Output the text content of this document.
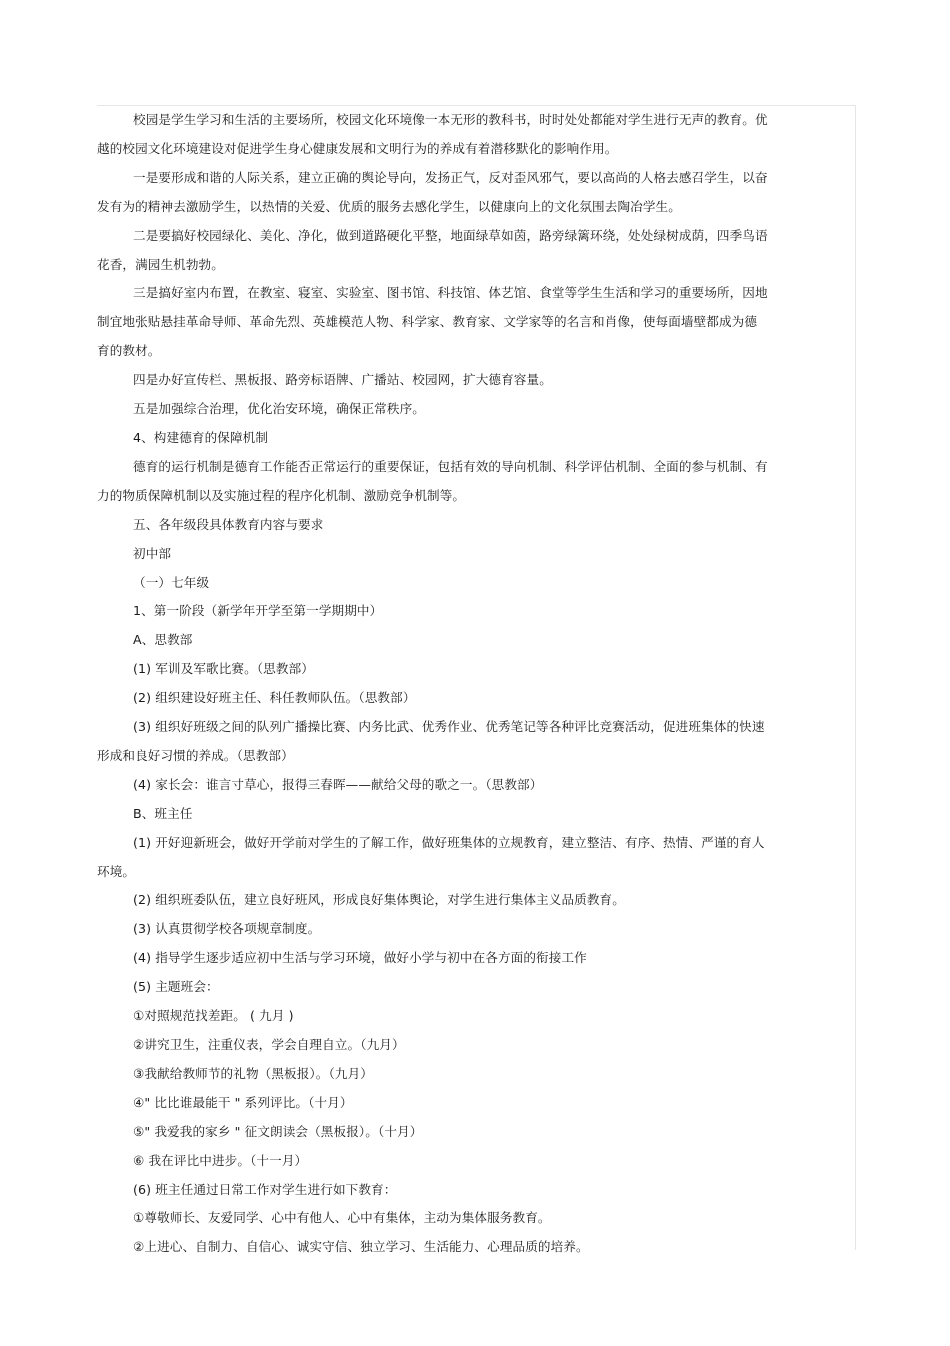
校园是学生学习和生活的主要场所，校园文化环境像一本无形的教科书，时时处处都能对学生进行无声的教育。优
越的校园文化环境建设对促进学生身心健康发展和文明行为的养成有着潜移默化的影响作用。
一是要形成和谐的人际关系，建立正确的舆论导向，发扬正气，反对歪风邪气，要以高尚的人格去感召学生，以奋
发有为的精神去激励学生，以热情的关爱、优质的服务去感化学生，以健康向上的文化氛围去陶冶学生。
二是要搞好校园绿化、美化、净化，做到道路硬化平整，地面绿草如茵，路旁绿篱环绕，处处绿树成荫，四季鸟语
花香，满园生机勃勃。
三是搞好室内布置，在教室、寝室、实验室、图书馆、科技馆、体艺馆、食堂等学生生活和学习的重要场所，因地
制宜地张贴悬挂革命导师、革命先烈、英雄模范人物、科学家、教育家、文学家等的名言和肖像，使每面墙壁都成为德
育的教材。
四是办好宣传栏、黑板报、路旁标语牌、广播站、校园网，扩大德育容量。
五是加强综合治理，优化治安环境，确保正常秩序。
4、构建德育的保障机制
德育的运行机制是德育工作能否正常运行的重要保证，包括有效的导向机制、科学评估机制、全面的参与机制、有
力的物质保障机制以及实施过程的程序化机制、激励竞争机制等。
五、各年级段具体教育内容与要求
初中部
（一）七年级
1、第一阶段（新学年开学至第一学期期中）
A、思教部
(1) 军训及军歌比赛。（思教部）
(2) 组织建设好班主任、科任教师队伍。（思教部）
(3) 组织好班级之间的队列广播操比赛、内务比武、优秀作业、优秀笔记等各种评比竞赛活动，促进班集体的快速
形成和良好习惯的养成。（思教部）
(4) 家长会：谁言寸草心，报得三春晖——献给父母的歌之一。（思教部）
B、班主任
(1) 开好迎新班会，做好开学前对学生的了解工作，做好班集体的立规教育，建立整洁、有序、热情、严谨的育人
环境。
(2) 组织班委队伍，建立良好班风，形成良好集体舆论，对学生进行集体主义品质教育。
(3) 认真贯彻学校各项规章制度。
(4) 指导学生逐步适应初中生活与学习环境，做好小学与初中在各方面的衔接工作
(5) 主题班会：
①对照规范找差距。 ( 九月 )
②讲究卫生，注重仪表，学会自理自立。（九月）
③我献给教师节的礼物（黑板报）。（九月）
④" 比比谁最能干 " 系列评比。（十月）
⑤" 我爱我的家乡 " 征文朗读会（黑板报）。（十月）
⑥ 我在评比中进步。（十一月）
(6) 班主任通过日常工作对学生进行如下教育：
①尊敬师长、友爱同学、心中有他人、心中有集体，主动为集体服务教育。
②上进心、自制力、自信心、诚实守信、独立学习、生活能力、心理品质的培养。
